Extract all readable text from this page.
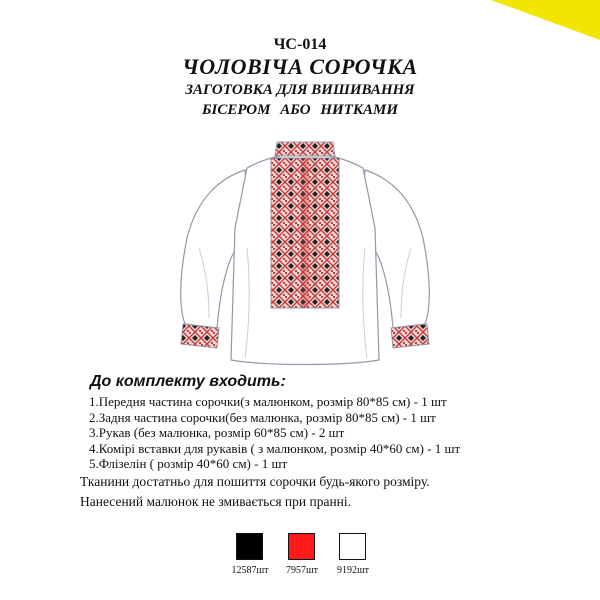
ЧС-014
ЧОЛОВІЧА СОРОЧКА
ЗАГОТОВКА ДЛЯ ВИШИВАННЯ
БІСЕРОМ АБО НИТКАМИ
До комплекту входить:
1.Передня частина сорочки(з малюнком, розмір 80*85 см) - 1 шт
2.Задня частина сорочки(без малюнка, розмір 80*85 см) - 1 шт
3.Рукав (без малюнка, розмір 60*85 см) - 2 шт
4.Комірі вставки для рукавів ( з малюнком, розмір 40*60 см) - 1 шт
5.Флізелін ( розмір 40*60 см) - 1 шт
Тканини достатньо для пошиття сорочки будь-якого розміру.
Нанесений малюнок не змивається при пранні.
12587шт	7957шт	9192шт
